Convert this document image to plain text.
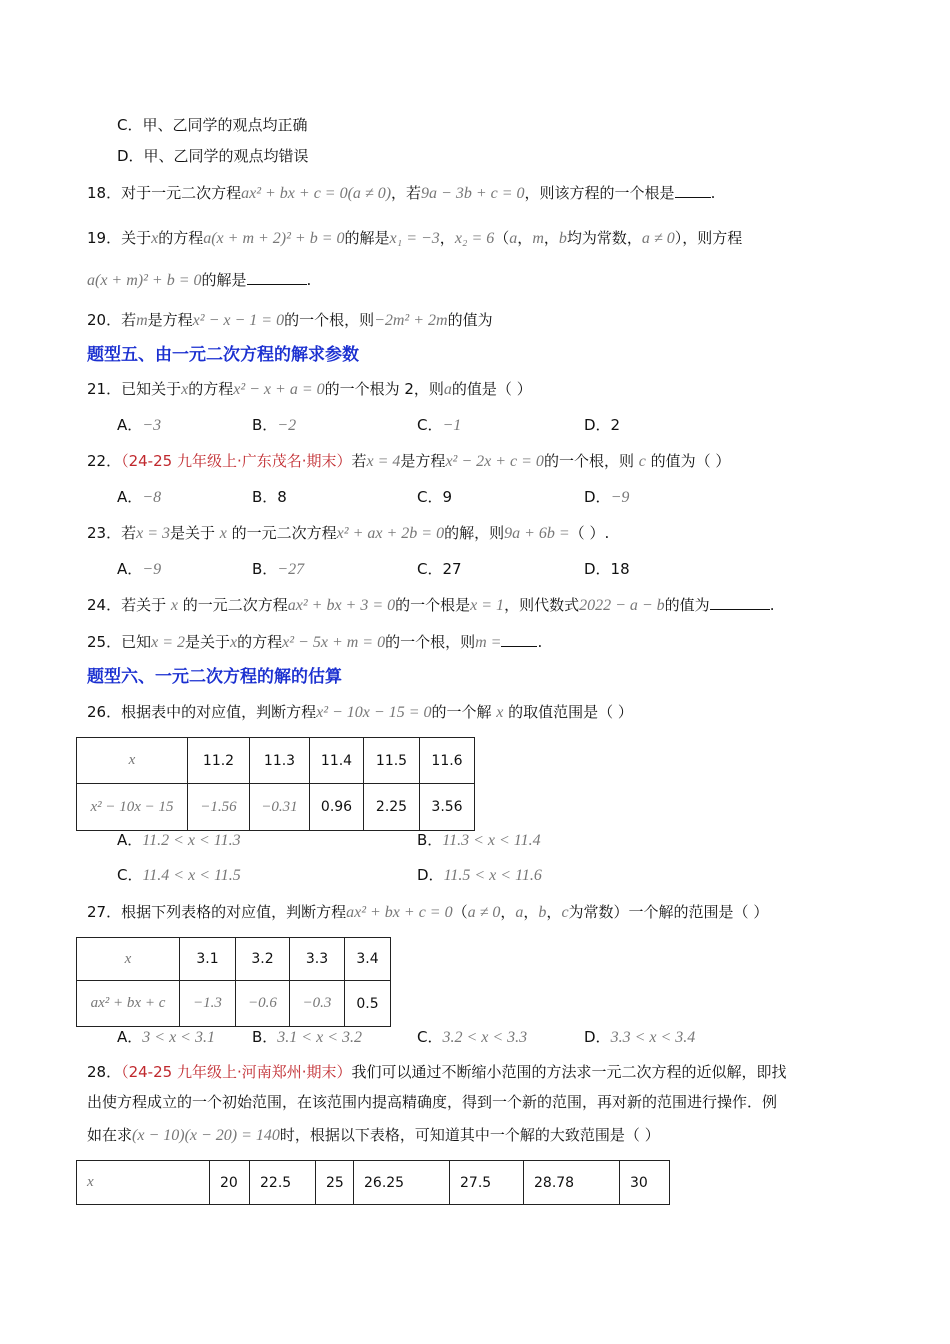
C．甲、乙同学的观点均正确
D．甲、乙同学的观点均错误
18．对于一元二次方程ax² + bx + c = 0(a ≠ 0)，若9a − 3b + c = 0，则该方程的一个根是 .
19．关于x的方程a(x + m + 2)² + b = 0的解是x₁ = −3，x₂ = 6（a，m，b均为常数，a ≠ 0），则方程
a(x + m)² + b = 0的解是	.
20．若m是方程x² − x − 1 = 0的一个根，则−2m² + 2m的值为
题型五、由一元二次方程的解求参数
21．已知关于x的方程x² − x + a = 0的一个根为 2，则a的值是（ ）
A．−3	B．−2	C．−1	D．2
22．（24-25 九年级上·广东茂名·期末）若x = 4是方程x² − 2x + c = 0的一个根，则 c 的值为（ ）
A．−8	B．8	C．9	D．−9
23．若x = 3是关于 x 的一元二次方程x² + ax + 2b = 0的解，则9a + 6b =（ ）.
A．−9	B．−27	C．27	D．18
24．若关于 x 的一元二次方程ax² + bx + 3 = 0的一个根是x = 1，则代数式2022 − a − b的值为	.
25．已知x = 2是关于x的方程x² − 5x + m = 0的一个根，则m = .
题型六、一元二次方程的解的估算
26．根据表中的对应值，判断方程x² − 10x − 15 = 0的一个解 x 的取值范围是（ ）
A．11.2 < x < 11.3	B．11.3 < x < 11.4
C．11.4 < x < 11.5	D．11.5 < x < 11.6
27．根据下列表格的对应值，判断方程ax² + bx + c = 0（a ≠ 0，a，b，c为常数）一个解的范围是（ ）
A．3 < x < 3.1 B．3.1 < x < 3.2	C．3.2 < x < 3.3	D．3.3 < x < 3.4
28．（24-25 九年级上·河南郑州·期末）我们可以通过不断缩小范围的方法求一元二次方程的近似解，即找
出使方程成立的一个初始范围，在该范围内提高精确度，得到一个新的范围，再对新的范围进行操作．例
如在求(x − 10)(x − 20) = 140时，根据以下表格，可知道其中一个解的大致范围是（ ）
x	11.2	11.3	11.4	11.5	11.6
x² − 10x − 15	−1.56	−0.31	0.96	2.25	3.56
x	3.1	3.2	3.3	3.4
ax² + bx + c	−1.3	−0.6	−0.3	0.5
x	20	22.5	25	26.25	27.5	28.78	30
